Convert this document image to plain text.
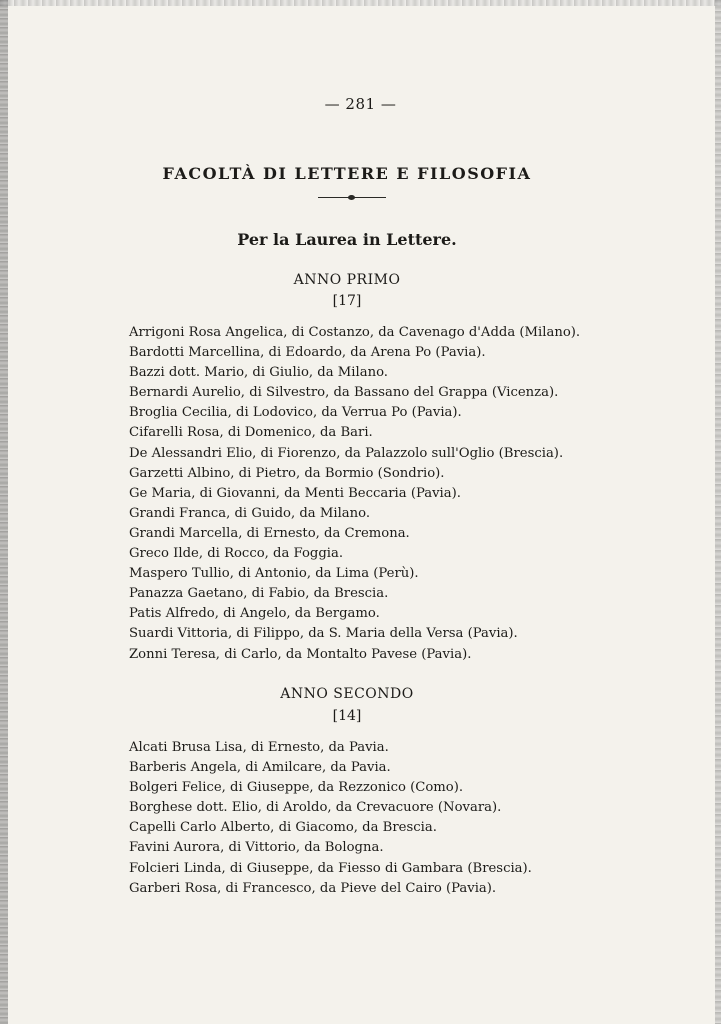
— 281 —
FACOLTÀ DI LETTERE E FILOSOFIA
Per la Laurea in Lettere.
ANNO PRIMO
[17]
Arrigoni Rosa Angelica, di Costanzo, da Cavenago d'Adda (Milano).
Bardotti Marcellina, di Edoardo, da Arena Po (Pavia).
Bazzi dott. Mario, di Giulio, da Milano.
Bernardi Aurelio, di Silvestro, da Bassano del Grappa (Vicenza).
Broglia Cecilia, di Lodovico, da Verrua Po (Pavia).
Cifarelli Rosa, di Domenico, da Bari.
De Alessandri Elio, di Fiorenzo, da Palazzolo sull'Oglio (Brescia).
Garzetti Albino, di Pietro, da Bormio (Sondrio).
Ge Maria, di Giovanni, da Menti Beccaria (Pavia).
Grandi Franca, di Guido, da Milano.
Grandi Marcella, di Ernesto, da Cremona.
Greco Ilde, di Rocco, da Foggia.
Maspero Tullio, di Antonio, da Lima (Perù).
Panazza Gaetano, di Fabio, da Brescia.
Patis Alfredo, di Angelo, da Bergamo.
Suardi Vittoria, di Filippo, da S. Maria della Versa (Pavia).
Zonni Teresa, di Carlo, da Montalto Pavese (Pavia).
ANNO SECONDO
[14]
Alcati Brusa Lisa, di Ernesto, da Pavia.
Barberis Angela, di Amilcare, da Pavia.
Bolgeri Felice, di Giuseppe, da Rezzonico (Como).
Borghese dott. Elio, di Aroldo, da Crevacuore (Novara).
Capelli Carlo Alberto, di Giacomo, da Brescia.
Favini Aurora, di Vittorio, da Bologna.
Folcieri Linda, di Giuseppe, da Fiesso di Gambara (Brescia).
Garberi Rosa, di Francesco, da Pieve del Cairo (Pavia).
